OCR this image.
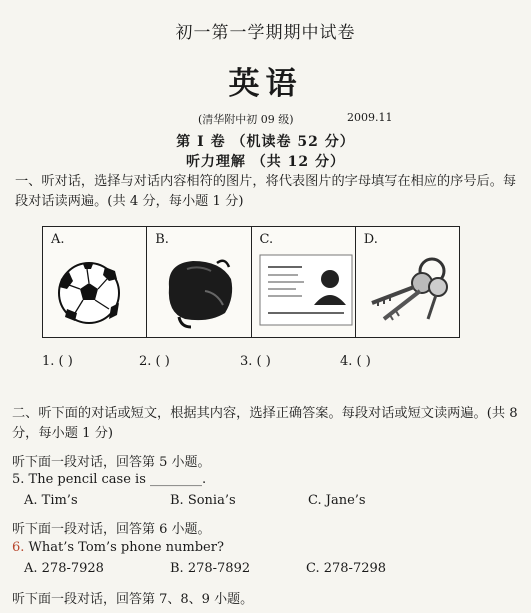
初一第一学期期中试卷
英语
(清华附中初 09 级)	2009.11
第 I 卷 （机读卷 52 分）
听力理解 （共 12 分）
一、听对话，选择与对话内容相符的图片，将代表图片的字母填写在相应的序号后。每段对话读两遍。(共 4 分，每小题 1 分)
A.	B.	C.	D.
1. ( )	2. ( )	3. ( )	4. ( )
二、听下面的对话或短文，根据其内容，选择正确答案。每段对话或短文读两遍。(共 8 分，每小题 1 分)
听下面一段对话，回答第 5 小题。
5. The pencil case is ________.
A. Tim’s	B. Sonia’s	C. Jane’s
听下面一段对话，回答第 6 小题。
6. What’s Tom’s phone number?
A. 278-7928	B. 278-7892	C. 278-7298
听下面一段对话，回答第 7、8、9 小题。
